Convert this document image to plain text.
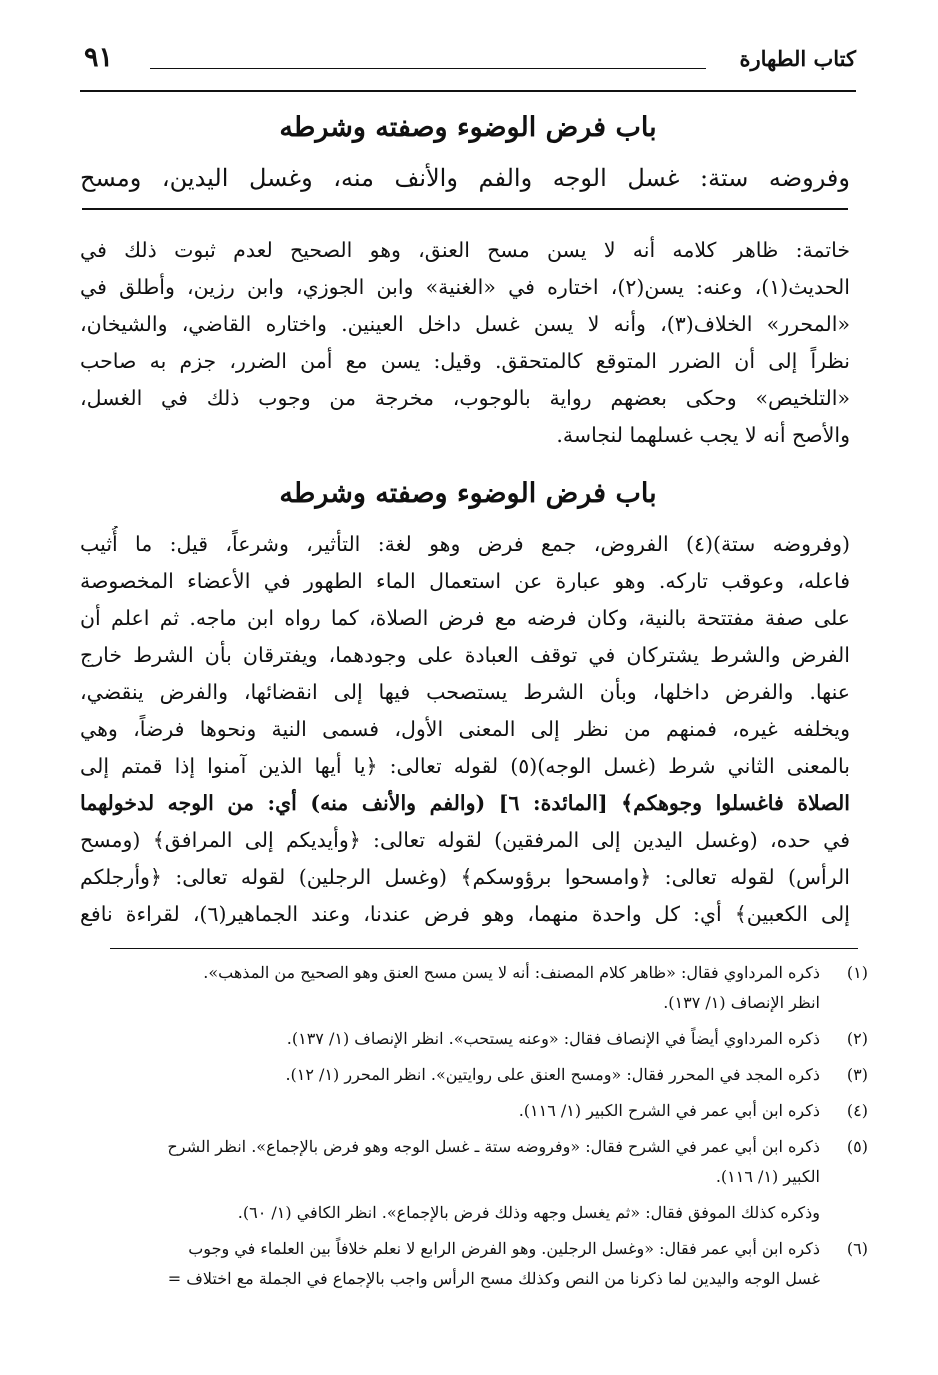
كتاب الطهارة
٩١
باب فرض الوضوء وصفته وشرطه
وفروضه ستة: غسل الوجه والفم والأنف منه، وغسل اليدين، ومسح
خاتمة: ظاهر كلامه أنه لا يسن مسح العنق، وهو الصحيح لعدم ثبوت ذلك في
الحديث(١)، وعنه: يسن(٢)، اختاره في «الغنية» وابن الجوزي، وابن رزين، وأطلق في
«المحرر» الخلاف(٣)، وأنه لا يسن غسل داخل العينين. واختاره القاضي، والشيخان،
نظراً إلى أن الضرر المتوقع كالمتحقق. وقيل: يسن مع أمن الضرر، جزم به صاحب
«التلخيص» وحكى بعضهم رواية بالوجوب، مخرجة من وجوب ذلك في الغسل،
والأصح أنه لا يجب غسلهما لنجاسة.
باب فرض الوضوء وصفته وشرطه
(وفروضه ستة)(٤) الفروض، جمع فرض وهو لغة: التأثير، وشرعاً، قيل: ما أُثيب
فاعله، وعوقب تاركه. وهو عبارة عن استعمال الماء الطهور في الأعضاء المخصوصة
على صفة مفتتحة بالنية، وكان فرضه مع فرض الصلاة، كما رواه ابن ماجه. ثم اعلم أن
الفرض والشرط يشتركان في توقف العبادة على وجودهما، ويفترقان بأن الشرط خارج
عنها. والفرض داخلها، وبأن الشرط يستصحب فيها إلى انقضائها، والفرض ينقضي،
ويخلفه غيره، فمنهم من نظر إلى المعنى الأول، فسمى النية ونحوها فرضاً، وهي
بالمعنى الثاني شرط (غسل الوجه)(٥) لقوله تعالى: ﴿يا أيها الذين آمنوا إذا قمتم إلى
الصلاة فاغسلوا وجوهكم﴾ [المائدة: ٦] (والفم والأنف منه) أي: من الوجه لدخولهما
في حده، (وغسل اليدين إلى المرفقين) لقوله تعالى: ﴿وأيديكم إلى المرافق﴾ (ومسح
الرأس) لقوله تعالى: ﴿وامسحوا برؤوسكم﴾ (وغسل الرجلين) لقوله تعالى: ﴿وأرجلكم
إلى الكعبين﴾ أي: كل واحدة منهما، وهو فرض عندنا، وعند الجماهير(٦)، لقراءة نافع
(١)
ذكره المرداوي فقال: «ظاهر كلام المصنف: أنه لا يسن مسح العنق وهو الصحيح من المذهب».
انظر الإنصاف (١/ ١٣٧).
(٢)
ذكره المرداوي أيضاً في الإنصاف فقال: «وعنه يستحب». انظر الإنصاف (١/ ١٣٧).
(٣)
ذكره المجد في المحرر فقال: «ومسح العنق على روايتين». انظر المحرر (١/ ١٢).
(٤)
ذكره ابن أبي عمر في الشرح الكبير (١/ ١١٦).
(٥)
ذكره ابن أبي عمر في الشرح فقال: «وفروضه ستة ـ غسل الوجه وهو فرض بالإجماع». انظر الشرح
الكبير (١/ ١١٦).
وذكره كذلك الموفق فقال: «ثم يغسل وجهه وذلك فرض بالإجماع». انظر الكافي (١/ ٦٠).
(٦)
ذكره ابن أبي عمر فقال: «وغسل الرجلين. وهو الفرض الرابع لا نعلم خلافاً بين العلماء في وجوب
غسل الوجه واليدين لما ذكرنا من النص وكذلك مسح الرأس واجب بالإجماع في الجملة مع اختلاف =
